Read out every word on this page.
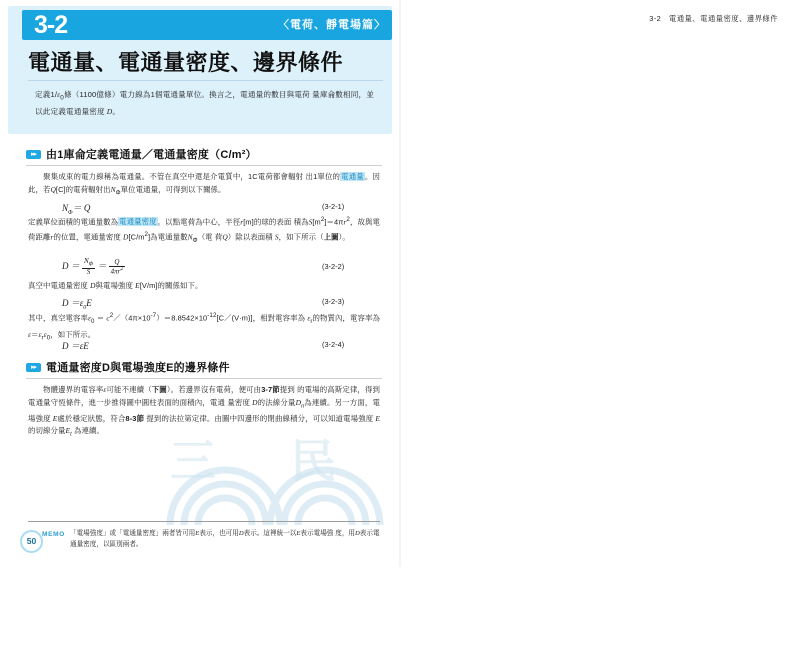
3-2	〈電荷、靜電場篇〉
電通量、電通量密度、邊界條件
定義$1/\varepsilon_0$條（1100億條）電力線為1個電通量單位。換言之，電通量的數目與電荷 量庫侖數相同，並以此定義電通量密度 D。
▸▸ 由1庫侖定義電通量／電通量密度（C/m²）
　　聚集成束的電力線稱為電通量。不管在真空中還是介電質中，1C電荷都會輻射 出1單位的電通量。因此，若Q[C]的電荷輻射出$N_\Phi$單位電通量，可得到以下關係。
$N_\Phi= Q$	(3-2-1)
定義單位面積的電通量數為電通量密度。以點電荷為中心，半徑r[m]的球的表面 積為$S[m^2]=4\pi r^2$，故與電荷距離r的位置，電通量密度 $D[C/m^2]$為電通量數$N_\Phi$（電 荷Q）除以表面積 S，如下所示（上圖）。
$D = \frac{N_\Phi}{S} = \frac{Q}{4\pi r^2}$	(3-2-2)
真空中電通量密度 D與電場強度 E[V/m]的關係如下。
$D =\varepsilon_0E$	(3-2-3)
其中，真空電容率$\varepsilon_0$ ＝ $c^2/(4\pi\times 10^{-7})=8.8542\times 10^{-12}[C/(V\cdot m)]$，相對電容率為 $\varepsilon_r$的物質內，電容率為$\varepsilon=\varepsilon_r\varepsilon_0$，如下所示。
D ＝εE	(3-2-4)
▸▸ 電通量密度D與電場強度E的邊界條件
　　物體邊界的電容率ε可能不連續（下圖）。若邊界沒有電荷，便可由3-7節提到 的電場的高斯定律，得到電通量守恆條件，進一步推得圖中圓柱表面的面積內，電通 量密度 D的法線分量$D_n$為連續。另一方面，電場強度 E處於穩定狀態，符合8-3節 提到的法拉第定律。由圖中四邊形的閉曲線積分，可以知道電場強度 E的切線分量$E_t$ 為連續。
三　民
MEMO 「電場強度」或「電通量密度」兩者皆可用E表示，也可用D表示。這裡統一以E表示電場強 度，用D表示電通量密度，以區別兩者。
50
3-2　電通量、電通量密度、邊界條件
